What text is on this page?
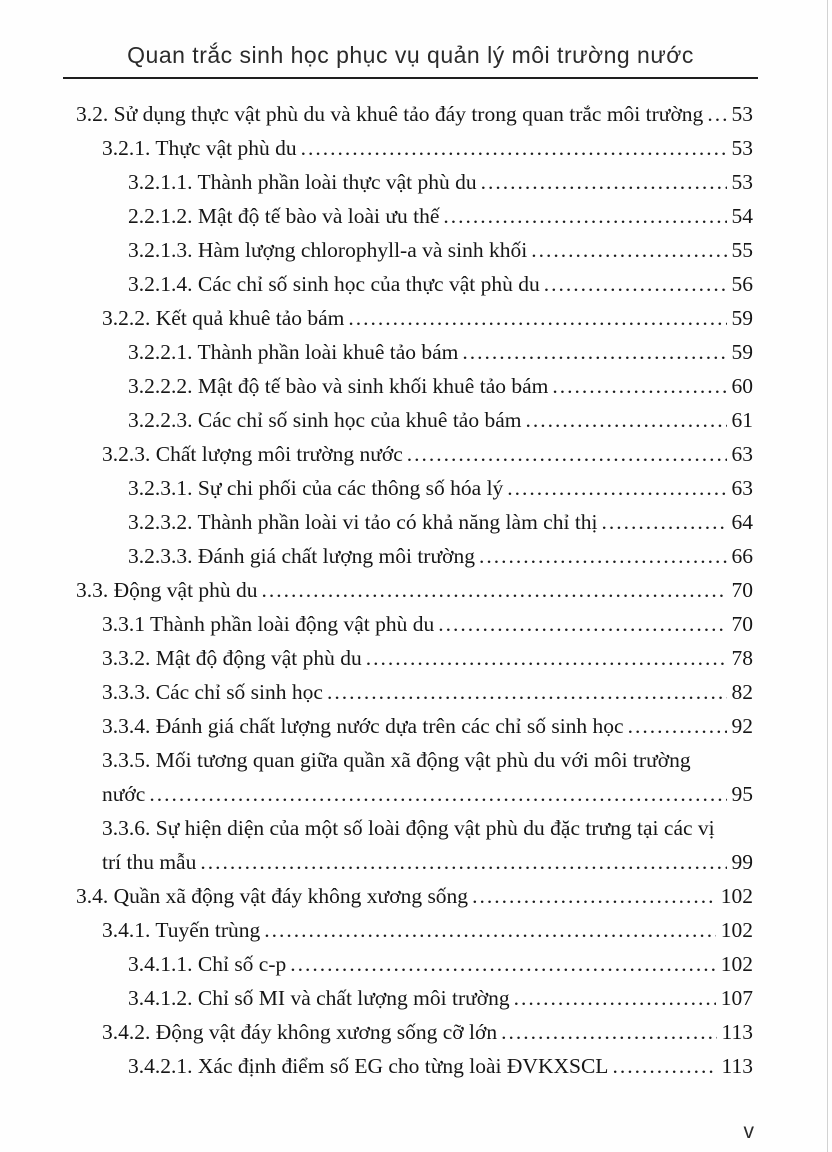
Quan trắc sinh học phục vụ quản lý môi trường nước
3.2. Sử dụng thực vật phù du và khuê tảo đáy trong quan trắc môi trường ..... 53
3.2.1. Thực vật phù du .....	53
3.2.1.1. Thành phần loài thực vật phù du .....	53
2.2.1.2. Mật độ tế bào và loài ưu thế .....	54
3.2.1.3. Hàm lượng chlorophyll-a và sinh khối .....	55
3.2.1.4. Các chỉ số sinh học của thực vật phù du .....	56
3.2.2. Kết quả khuê tảo bám .....	59
3.2.2.1. Thành phần loài khuê tảo bám .....	59
3.2.2.2. Mật độ tế bào và sinh khối khuê tảo bám .....	60
3.2.2.3. Các chỉ số sinh học của khuê tảo bám .....	61
3.2.3. Chất lượng môi trường nước .....	63
3.2.3.1. Sự chi phối của các thông số hóa lý .....	63
3.2.3.2. Thành phần loài vi tảo có khả năng làm chỉ thị .....	64
3.2.3.3. Đánh giá chất lượng môi trường .....	66
3.3. Động vật phù du .....	70
3.3.1 Thành phần loài động vật phù du .....	70
3.3.2. Mật độ động vật phù du .....	78
3.3.3. Các chỉ số sinh học .....	82
3.3.4. Đánh giá chất lượng nước dựa trên các chỉ số sinh học .....	92
3.3.5. Mối tương quan giữa quần xã động vật phù du với môi trường
nước .....	95
3.3.6. Sự hiện diện của một số loài động vật phù du đặc trưng tại các vị
trí thu mẫu .....	99
3.4. Quần xã động vật đáy không xương sống .....	102
3.4.1. Tuyến trùng .....	102
3.4.1.1. Chỉ số c-p .....	102
3.4.1.2. Chỉ số MI và chất lượng môi trường .....	107
3.4.2. Động vật đáy không xương sống cỡ lớn .....	113
3.4.2.1. Xác định điểm số EG cho từng loài ĐVKXSCL .....	113
v
